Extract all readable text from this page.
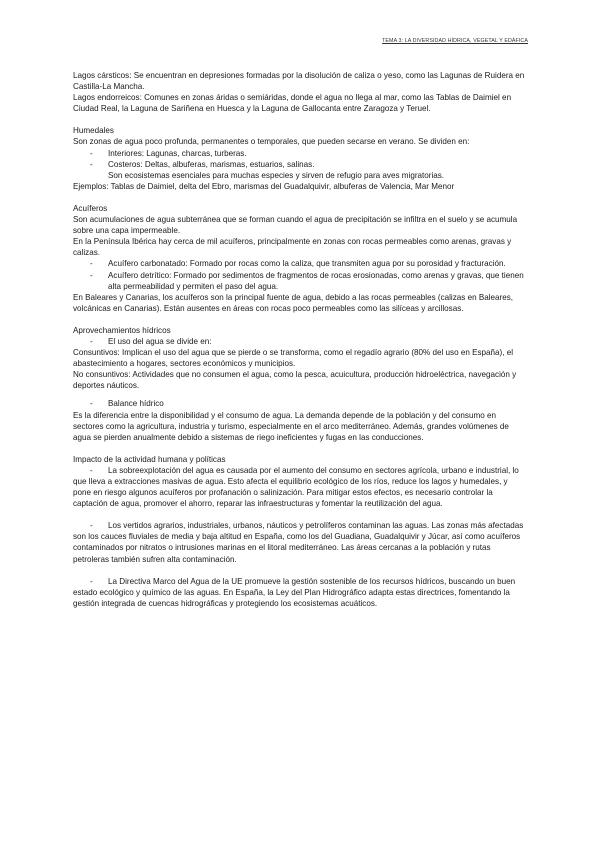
TEMA 3: LA DIVERSIDAD HÍDRICA, VEGETAL Y EDÁFICA

Lagos cársticos: Se encuentran en depresiones formadas por la disolución de caliza o yeso, como las Lagunas de Ruidera en Castilla-La Mancha.

Lagos endorreicos: Comunes en zonas áridas o semiáridas, donde el agua no llega al mar, como las Tablas de Daimiel en Ciudad Real, la Laguna de Sariñena en Huesca y la Laguna de Gallocanta entre Zaragoza y Teruel.

Humedales

Son zonas de agua poco profunda, permanentes o temporales, que pueden secarse en verano. Se dividen en:

- Interiores: Lagunas, charcas, turberas.

- Costeros: Deltas, albuferas, marismas, estuarios, salinas.

Son ecosistemas esenciales para muchas especies y sirven de refugio para aves migratorias.

Ejemplos: Tablas de Daimiel, delta del Ebro, marismas del Guadalquivir, albuferas de Valencia, Mar Menor

Acuíferos

Son acumulaciones de agua subterránea que se forman cuando el agua de precipitación se infiltra en el suelo y se acumula sobre una capa impermeable.

En la Península Ibérica hay cerca de mil acuíferos, principalmente en zonas con rocas permeables como arenas, gravas y calizas.

- Acuífero carbonatado: Formado por rocas como la caliza, que transmiten agua por su porosidad y fracturación.

- Acuífero detrítico: Formado por sedimentos de fragmentos de rocas erosionadas, como arenas y gravas, que tienen alta permeabilidad y permiten el paso del agua.

En Baleares y Canarias, los acuíferos son la principal fuente de agua, debido a las rocas permeables (calizas en Baleares, volcánicas en Canarias). Están ausentes en áreas con rocas poco permeables como las silíceas y arcillosas.

Aprovechamientos hídricos

- El uso del agua se divide en:

Consuntivos: Implican el uso del agua que se pierde o se transforma, como el regadío agrario (80% del uso en España), el abastecimiento a hogares, sectores económicos y municipios.

No consuntivos: Actividades que no consumen el agua, como la pesca, acuicultura, producción hidroeléctrica, navegación y deportes náuticos.

- Balance hídrico

Es la diferencia entre la disponibilidad y el consumo de agua. La demanda depende de la población y del consumo en sectores como la agricultura, industria y turismo, especialmente en el arco mediterráneo. Además, grandes volúmenes de agua se pierden anualmente debido a sistemas de riego ineficientes y fugas en las conducciones.

Impacto de la actividad humana y políticas

- La sobreexplotación del agua es causada por el aumento del consumo en sectores agrícola, urbano e industrial, lo que lleva a extracciones masivas de agua. Esto afecta el equilibrio ecológico de los ríos, reduce los lagos y humedales, y pone en riesgo algunos acuíferos por profanación o salinización. Para mitigar estos efectos, es necesario controlar la captación de agua, promover el ahorro, reparar las infraestructuras y fomentar la reutilización del agua.

- Los vertidos agrarios, industriales, urbanos, náuticos y petrolíferos contaminan las aguas. Las zonas más afectadas son los cauces fluviales de media y baja altitud en España, como los del Guadiana, Guadalquivir y Júcar, así como acuíferos contaminados por nitratos o intrusiones marinas en el litoral mediterráneo. Las áreas cercanas a la población y rutas petroleras también sufren alta contaminación.

- La Directiva Marco del Agua de la UE promueve la gestión sostenible de los recursos hídricos, buscando un buen estado ecológico y químico de las aguas. En España, la Ley del Plan Hidrográfico adapta estas directrices, fomentando la gestión integrada de cuencas hidrográficas y protegiendo los ecosistemas acuáticos.
